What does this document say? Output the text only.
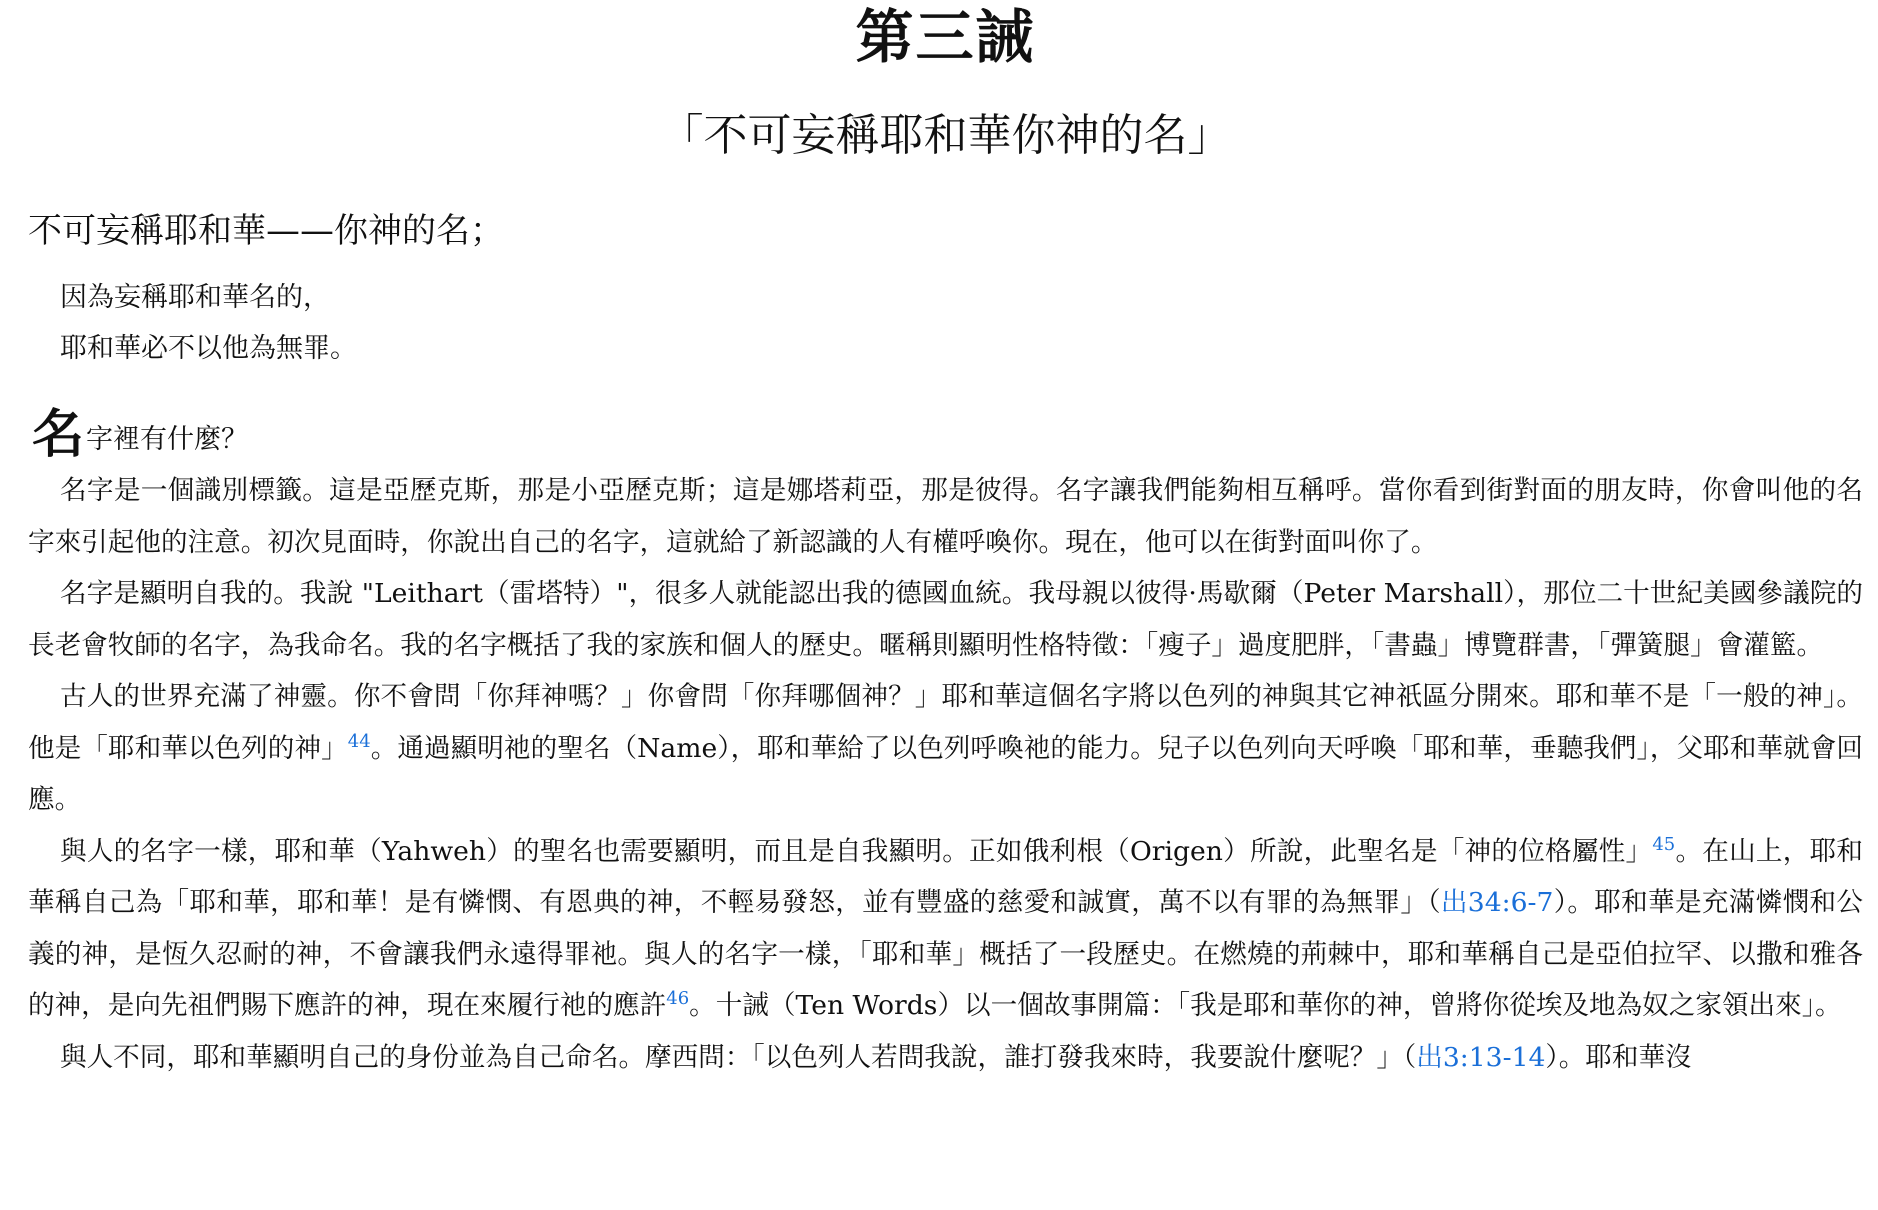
第三誡
「不可妄稱耶和華你神的名」
不可妄稱耶和華——你神的名；
因為妄稱耶和華名的，
耶和華必不以他為無罪。
名字裡有什麼？

名字是一個識別標籤。這是亞歷克斯，那是小亞歷克斯；這是娜塔莉亞，那是彼得。名字讓我們能夠相互稱呼。當你看到街對面的朋友時，你會叫他的名字來引起他的注意。初次見面時，你說出自己的名字，這就給了新認識的人有權呼喚你。現在，他可以在街對面叫你了。

名字是顯明自我的。我說 "Leithart（雷塔特）"，很多人就能認出我的德國血統。我母親以彼得·馬歇爾（Peter Marshall），那位二十世紀美國參議院的長老會牧師的名字，為我命名。我的名字概括了我的家族和個人的歷史。暱稱則顯明性格特徵：「瘦子」過度肥胖，「書蟲」博覽群書，「彈簧腿」會灌籃。

古人的世界充滿了神靈。你不會問「你拜神嗎？」你會問「你拜哪個神？」耶和華這個名字將以色列的神與其它神祇區分開來。耶和華不是「一般的神」。他是「耶和華以色列的神」$^{44}$。通過顯明祂的聖名（Name），耶和華給了以色列呼喚祂的能力。兒子以色列向天呼喚「耶和華，垂聽我們」，父耶和華就會回應。

與人的名字一樣，耶和華（Yahweh）的聖名也需要顯明，而且是自我顯明。正如俄利根（Origen）所說，此聖名是「神的位格屬性」$^{45}$。在山上，耶和華稱自己為「耶和華，耶和華！是有憐憫、有恩典的神，不輕易發怒，並有豐盛的慈愛和誠實，萬不以有罪的為無罪」（出34:6-7）。耶和華是充滿憐憫和公義的神，是恆久忍耐的神，不會讓我們永遠得罪祂。與人的名字一樣，「耶和華」概括了一段歷史。在燃燒的荊棘中，耶和華稱自己是亞伯拉罕、以撒和雅各的神，是向先祖們賜下應許的神，現在來履行祂的應許$^{46}$。十誡（Ten Words）以一個故事開篇：「我是耶和華你的神，曾將你從埃及地為奴之家領出來」。

與人不同，耶和華顯明自己的身份並為自己命名。摩西問：「以色列人若問我說，誰打發我來時，我要說什麼呢？」（出3:13-14）。耶和華沒
